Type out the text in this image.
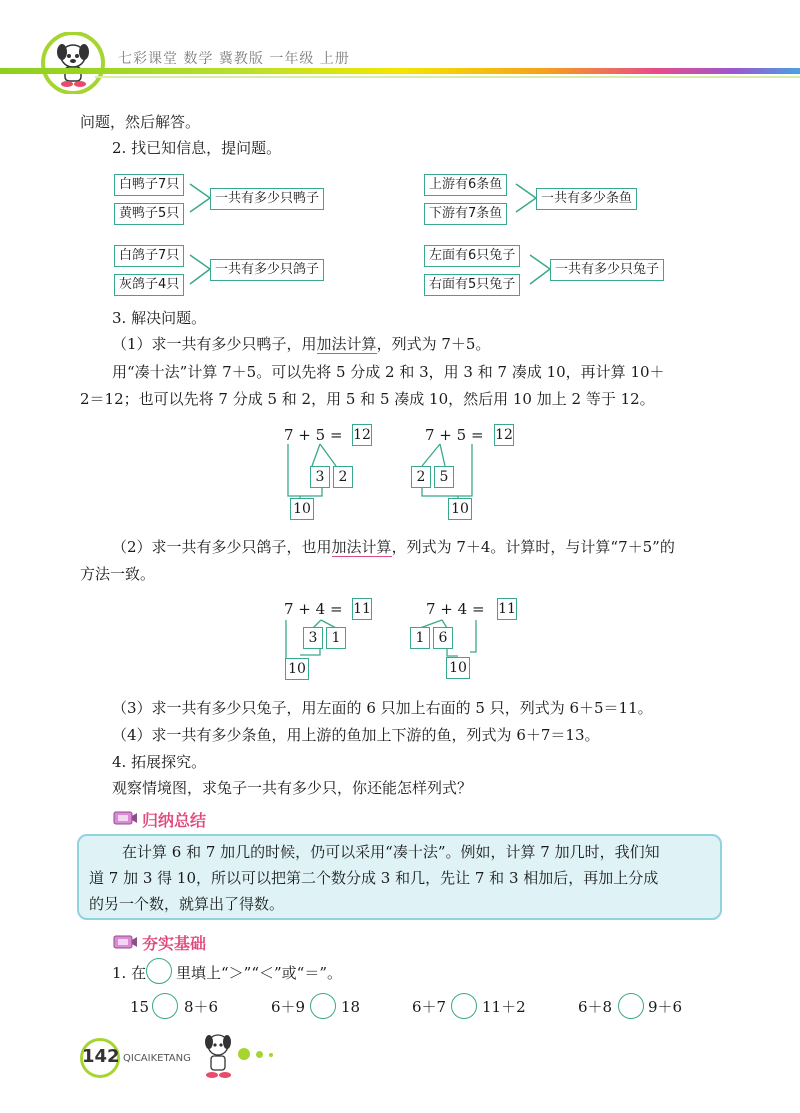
七彩课堂 数学 冀教版 一年级 上册
问题，然后解答。
2. 找已知信息，提问题。
白鸭子7只
黄鸭子5只
一共有多少只鸭子
上游有6条鱼
下游有7条鱼
一共有多少条鱼
白鸽子7只
灰鸽子4只
一共有多少只鸽子
左面有6只兔子
右面有5只兔子
一共有多少只兔子
3. 解决问题。
（1）求一共有多少只鸭子，用加法计算，列式为 7＋5。
用“凑十法”计算 7＋5。可以先将 5 分成 2 和 3，用 3 和 7 凑成 10，再计算 10＋
2＝12；也可以先将 7 分成 5 和 2，用 5 和 5 凑成 10，然后用 10 加上 2 等于 12。
7 + 5 = 12
3	2
10
7 + 5 = 12
2	5
10
（2）求一共有多少只鸽子，也用加法计算，列式为 7＋4。计算时，与计算“7＋5”的
方法一致。
7 + 4 = 11
3	1
10
7 + 4 = 11
1	6
10
（3）求一共有多少只兔子，用左面的 6 只加上右面的 5 只，列式为 6＋5＝11。
（4）求一共有多少条鱼，用上游的鱼加上下游的鱼，列式为 6＋7＝13。
4. 拓展探究。
观察情境图，求兔子一共有多少只，你还能怎样列式？
归纳总结
在计算 6 和 7 加几的时候，仍可以采用“凑十法”。例如，计算 7 加几时，我们知
道 7 加 3 得 10，所以可以把第二个数分成 3 和几，先让 7 和 3 相加后，再加上分成
的另一个数，就算出了得数。
夯实基础
1. 在 里填上“＞”“＜”或“＝”。
15 8＋6	6＋9 18	6＋7 11＋2	6＋8 9＋6
142 QICAIKETANG
